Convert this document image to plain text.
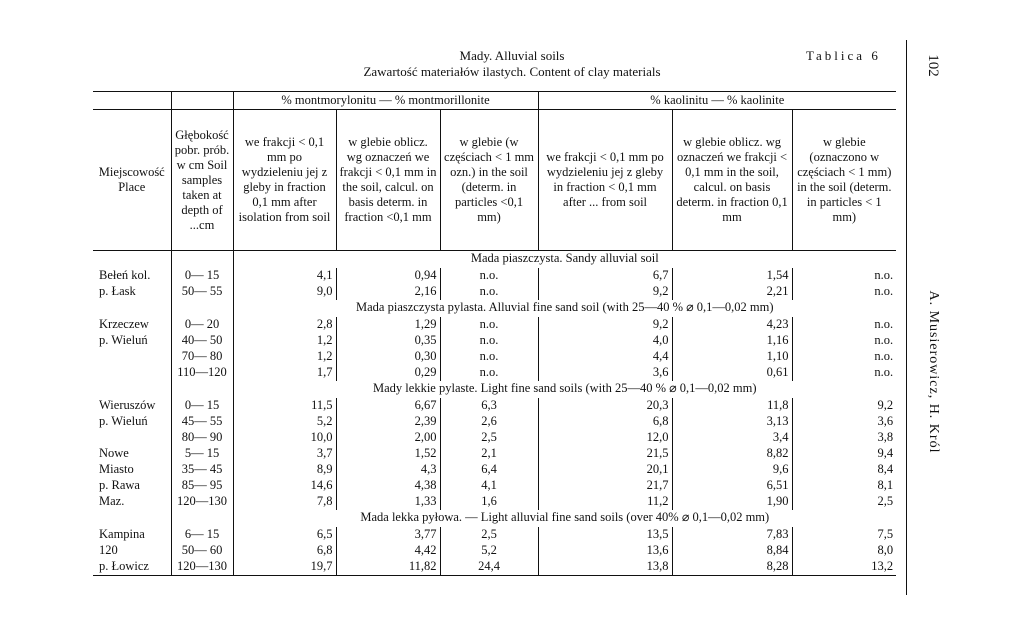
Mady. Alluvial soils
Zawartość materiałów ilastych. Content of clay materials
Tablica 6	102
A. Musierowicz, H. Król
		% montmorylonitu — % montmorillonite			% kaolinitu — % kaolinite		
Miejscowość Place	Głębokość pobr. prób. w cm Soil samples taken at depth of ...cm	we frakcji < 0,1 mm po wydzieleniu jej z gleby in fraction 0,1 mm after isolation from soil	w glebie oblicz. wg oznaczeń we frakcji < 0,1 mm in the soil, calcul. on basis determ. in fraction <0,1 mm	w glebie (w częściach < 1 mm ozn.) in the soil (determ. in particles <0,1 mm)	we frakcji < 0,1 mm po wydzieleniu jej z gleby in fraction < 0,1 mm after ... from soil	w glebie oblicz. wg oznaczeń we frakcji < 0,1 mm in the soil, calcul. on basis determ. in fraction 0,1 mm	w glebie (oznaczono w częściach < 1 mm) in the soil (determ. in particles < 1 mm)
		Mada piaszczysta. Sandy alluvial soil					
Bełeń kol.	0— 15	4,1	0,94	n.o.	6,7	1,54	n.o.
p. Łask	50— 55	9,0	2,16	n.o.	9,2	2,21	n.o.
		Mada piaszczysta pylasta. Alluvial fine sand soil (with 25—40 % ⌀ 0,1—0,02 mm)					
Krzeczew	0— 20	2,8	1,29	n.o.	9,2	4,23	n.o.
p. Wieluń	40— 50	1,2	0,35	n.o.	4,0	1,16	n.o.
	70— 80	1,2	0,30	n.o.	4,4	1,10	n.o.
	110—120	1,7	0,29	n.o.	3,6	0,61	n.o.
		Mady lekkie pylaste. Light fine sand soils (with 25—40 % ⌀ 0,1—0,02 mm)					
Wieruszów	0— 15	11,5	6,67	6,3	20,3	11,8	9,2
p. Wieluń	45— 55	5,2	2,39	2,6	6,8	3,13	3,6
	80— 90	10,0	2,00	2,5	12,0	3,4	3,8
Nowe	5— 15	3,7	1,52	2,1	21,5	8,82	9,4
Miasto	35— 45	8,9	4,3	6,4	20,1	9,6	8,4
p. Rawa	85— 95	14,6	4,38	4,1	21,7	6,51	8,1
Maz.	120—130	7,8	1,33	1,6	11,2	1,90	2,5
		Mada lekka pyłowa. — Light alluvial fine sand soils (over 40% ⌀ 0,1—0,02 mm)					
Kampina	6— 15	6,5	3,77	2,5	13,5	7,83	7,5
120	50— 60	6,8	4,42	5,2	13,6	8,84	8,0
p. Łowicz	120—130	19,7	11,82	24,4	13,8	8,28	13,2
